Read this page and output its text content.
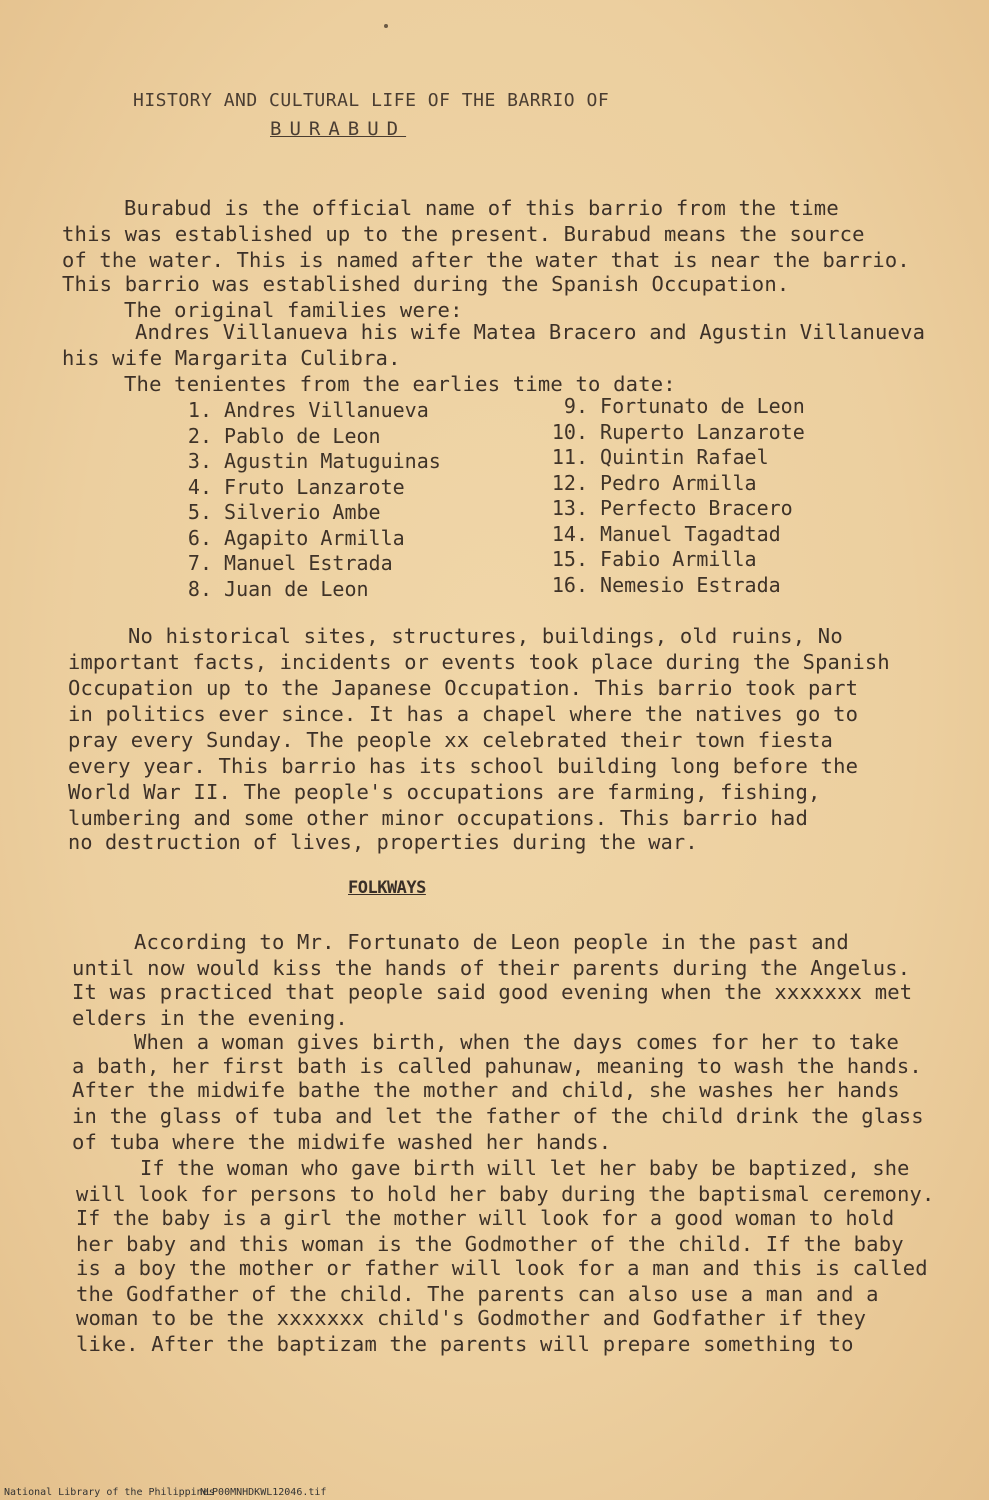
HISTORY AND CULTURAL LIFE OF THE BARRIO OF
BURABUD
Burabud is the official name of this barrio from the time
this was established up to the present. Burabud means the source
of the water. This is named after the water that is near the barrio.
This barrio was established during the Spanish Occupation.
The original families were:
Andres Villanueva his wife Matea Bracero and Agustin Villanueva
his wife Margarita Culibra.
The tenientes from the earlies time to date:
1. Andres Villanueva
2. Pablo de Leon
3. Agustin Matuguinas
4. Fruto Lanzarote
5. Silverio Ambe
6. Agapito Armilla
7. Manuel Estrada
8. Juan de Leon
9. Fortunato de Leon
10. Ruperto Lanzarote
11. Quintin Rafael
12. Pedro Armilla
13. Perfecto Bracero
14. Manuel Tagadtad
15. Fabio Armilla
16. Nemesio Estrada
No historical sites, structures, buildings, old ruins, No
important facts, incidents or events took place during the Spanish
Occupation up to the Japanese Occupation. This barrio took part
in politics ever since. It has a chapel where the natives go to
pray every Sunday. The people xx celebrated their town fiesta
every year. This barrio has its school building long before the
World War II. The people's occupations are farming, fishing,
lumbering and some other minor occupations. This barrio had
no destruction of lives, properties during the war.
FOLKWAYS
According to Mr. Fortunato de Leon people in the past and
until now would kiss the hands of their parents during the Angelus.
It was practiced that people said good evening when the xxxxxxx met
elders in the evening.
When a woman gives birth, when the days comes for her to take
a bath, her first bath is called pahunaw, meaning to wash the hands.
After the midwife bathe the mother and child, she washes her hands
in the glass of tuba and let the father of the child drink the glass
of tuba where the midwife washed her hands.
If the woman who gave birth will let her baby be baptized, she
will look for persons to hold her baby during the baptismal ceremony.
If the baby is a girl the mother will look for a good woman to hold
her baby and this woman is the Godmother of the child. If the baby
is a boy the mother or father will look for a man and this is called
the Godfather of the child. The parents can also use a man and a
woman to be the xxxxxxx child's Godmother and Godfather if they
like. After the baptizam the parents will prepare something to
National Library of the Philippines
NLP00MNHDKWL12046.tif
